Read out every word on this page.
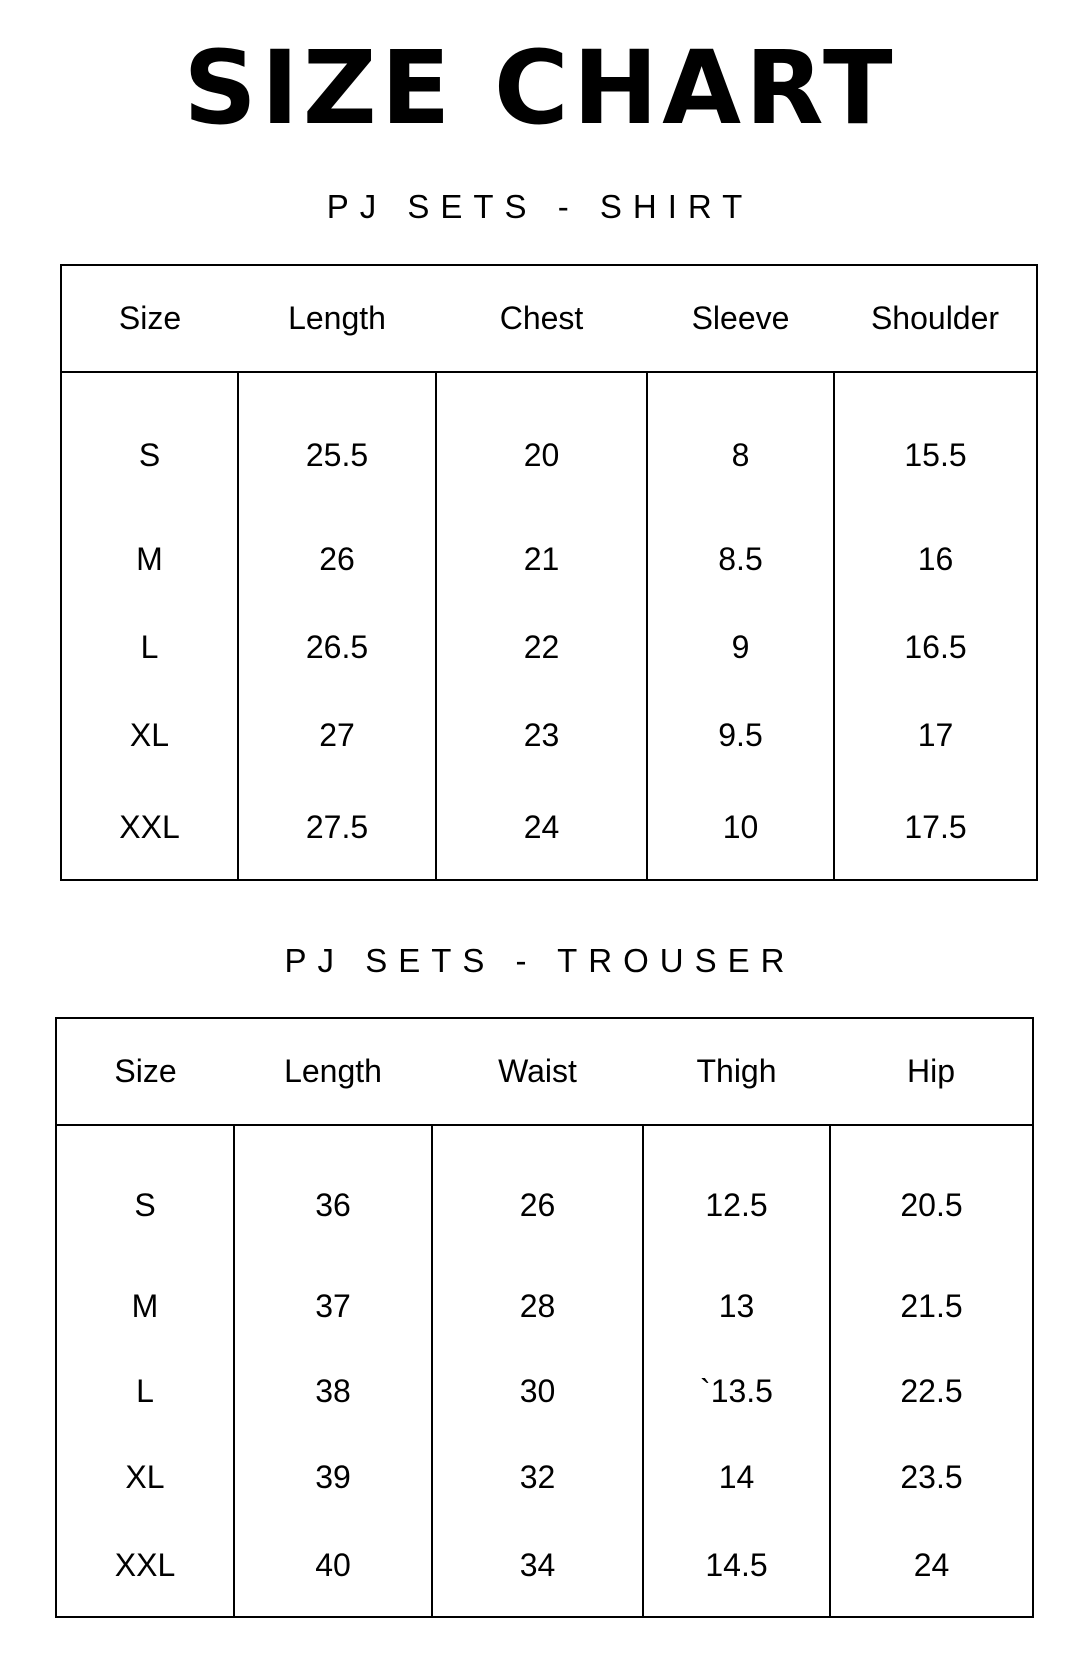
SIZE CHART
PJ SETS - SHIRT
Size	Length	Chest	Sleeve	Shoulder
S	25.5	20	8	15.5
M	26	21	8.5	16
L	26.5	22	9	16.5
XL	27	23	9.5	17
XXL	27.5	24	10	17.5
PJ SETS - TROUSER
Size	Length	Waist	Thigh	Hip
S	36	26	12.5	20.5
M	37	28	13	21.5
L	38	30	`13.5	22.5
XL	39	32	14	23.5
XXL	40	34	14.5	24
